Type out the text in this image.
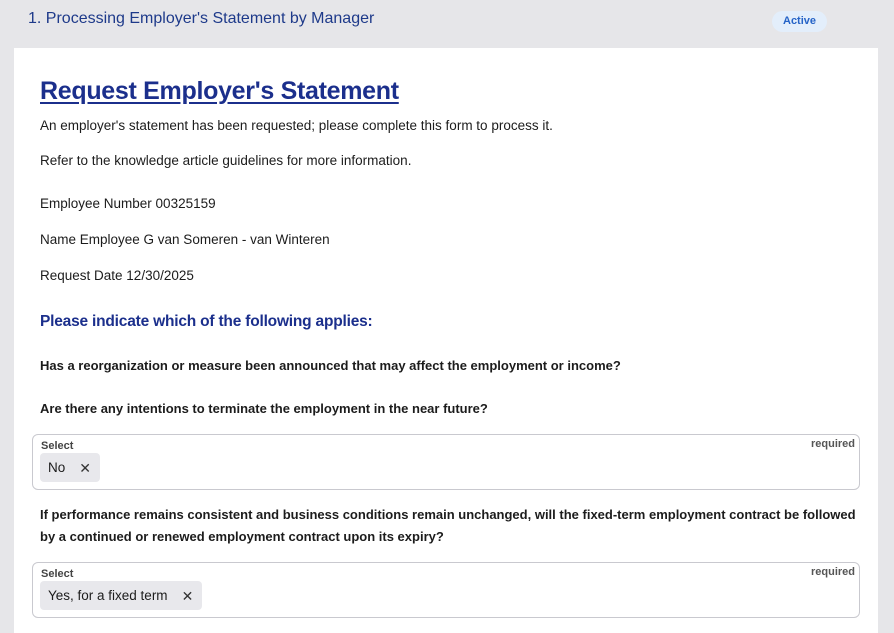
1. Processing Employer's Statement by Manager	Active
Request Employer's Statement
An employer's statement has been requested; please complete this form to process it.
Refer to the knowledge article guidelines for more information.
Employee Number 00325159
Name Employee G van Someren - van Winteren
Request Date 12/30/2025
Please indicate which of the following applies:
Has a reorganization or measure been announced that may affect the employment or income?
Are there any intentions to terminate the employment in the near future?
Select	required
No ✕
If performance remains consistent and business conditions remain unchanged, will the fixed-term employment contract be followed by a continued or renewed employment contract upon its expiry?
Select	required
Yes, for a fixed term ✕
